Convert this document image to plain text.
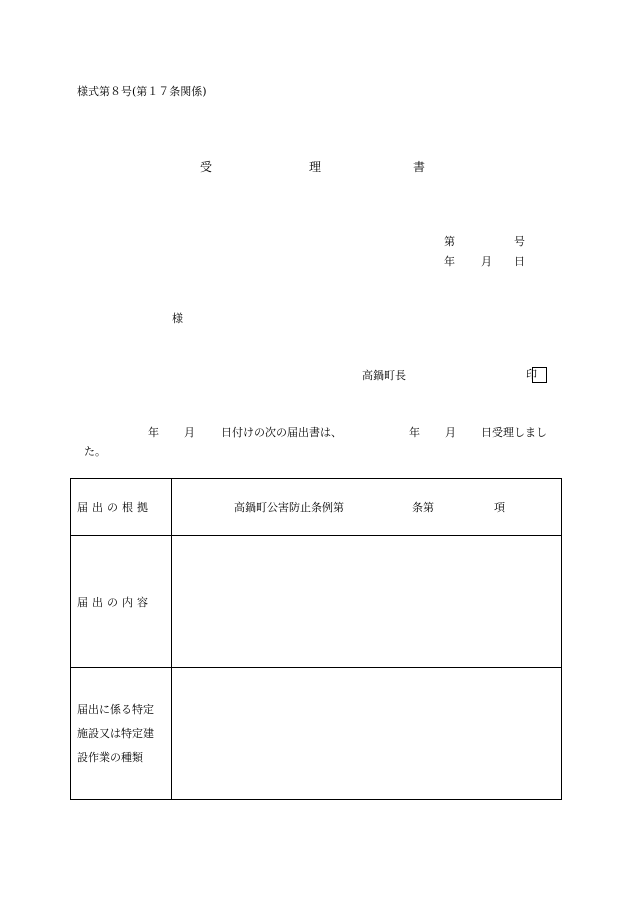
様式第８号(第１７条関係)
受	理	書
第	号
年 月 日
様
高鍋町長	印
年 月 日付けの次の届出書は、	年 月 日受理しまし
た。
届出の根拠	高鍋町公害防止条例第 条第 項

届出の内容	

届出に係る特定
施設又は特定建
設作業の種類	
